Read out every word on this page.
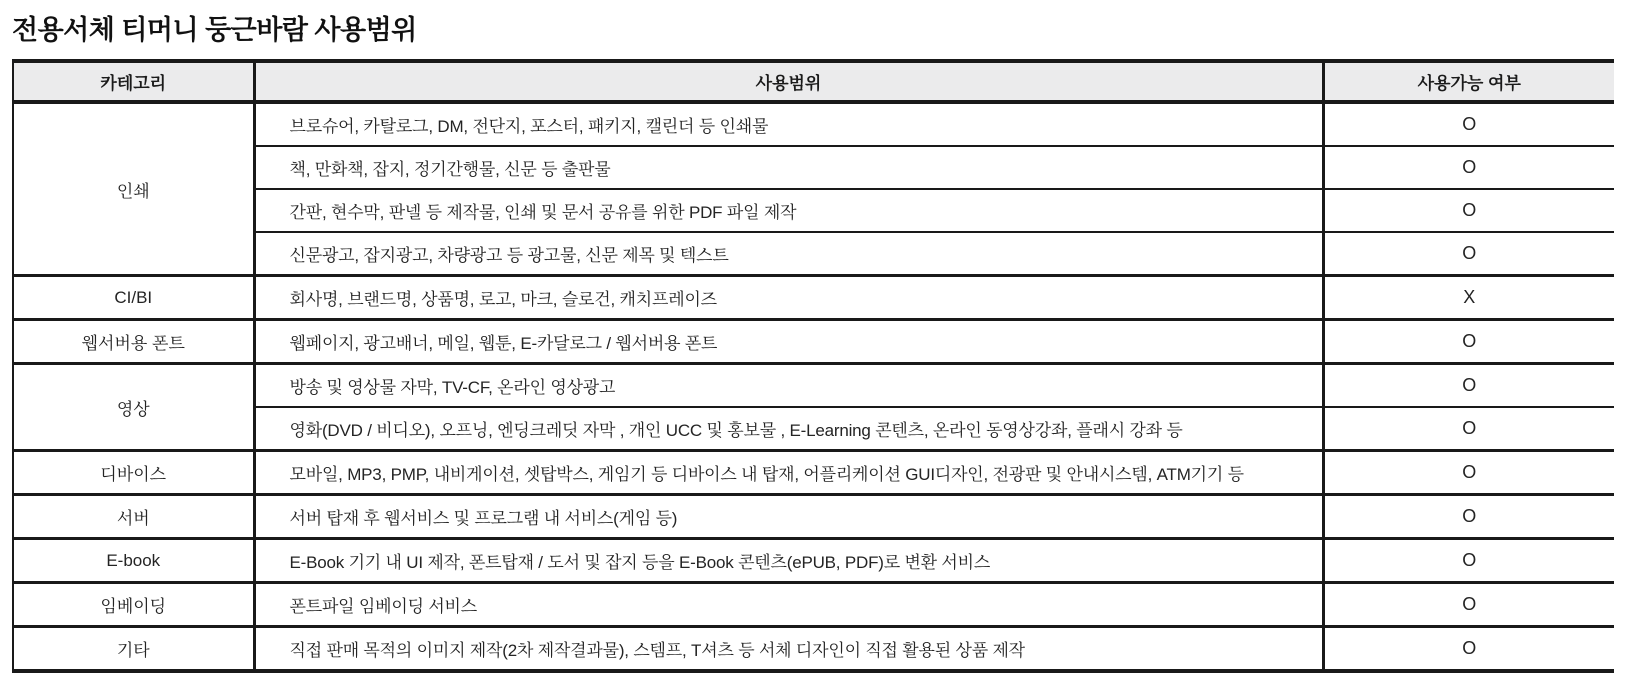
전용서체 티머니 둥근바람 사용범위
카테고리	사용범위	사용가능 여부
인쇄	브로슈어, 카탈로그, DM, 전단지, 포스터, 패키지, 캘린더 등 인쇄물	O
	책, 만화책, 잡지, 정기간행물, 신문 등 출판물	O
	간판, 현수막, 판넬 등 제작물, 인쇄 및 문서 공유를 위한 PDF 파일 제작	O
	신문광고, 잡지광고, 차량광고 등 광고물, 신문 제목 및 텍스트	O
CI/BI	회사명, 브랜드명, 상품명, 로고, 마크, 슬로건, 캐치프레이즈	X
웹서버용 폰트	웹페이지, 광고배너, 메일, 웹툰, E-카달로그 / 웹서버용 폰트	O
영상	방송 및 영상물 자막, TV-CF, 온라인 영상광고	O
	영화(DVD / 비디오), 오프닝, 엔딩크레딧 자막 , 개인 UCC 및 홍보물 , E-Learning 콘텐츠, 온라인 동영상강좌, 플래시 강좌 등	O
디바이스	모바일, MP3, PMP, 내비게이션, 셋탑박스, 게임기 등 디바이스 내 탑재, 어플리케이션 GUI디자인, 전광판 및 안내시스템, ATM기기 등	O
서버	서버 탑재 후 웹서비스 및 프로그램 내 서비스(게임 등)	O
E-book	E-Book 기기 내 UI 제작, 폰트탑재 / 도서 및 잡지 등을 E-Book 콘텐츠(ePUB, PDF)로 변환 서비스	O
임베이딩	폰트파일 임베이딩 서비스	O
기타	직접 판매 목적의 이미지 제작(2차 제작결과물), 스템프, T셔츠 등 서체 디자인이 직접 활용된 상품 제작	O
